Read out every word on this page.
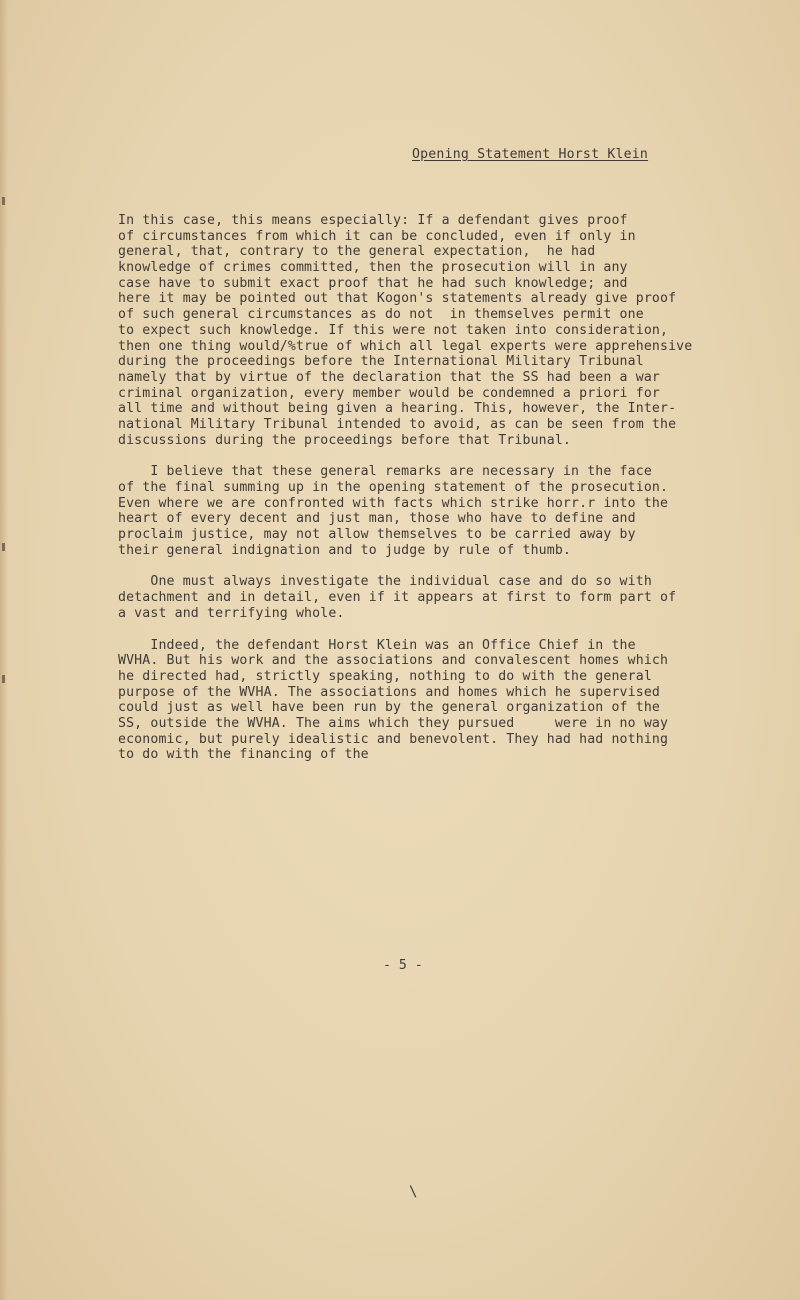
Opening Statement Horst Klein
In this case, this means especially: If a defendant gives proof
of circumstances from which it can be concluded, even if only in
general, that, contrary to the general expectation,  he had
knowledge of crimes committed, then the prosecution will in any
case have to submit exact proof that he had such knowledge; and
here it may be pointed out that Kogon's statements already give proof
of such general circumstances as do not  in themselves permit one
to expect such knowledge. If this were not taken into consideration,
then one thing would/%true of which all legal experts were apprehensive
during the proceedings before the International Military Tribunal
namely that by virtue of the declaration that the SS had been a war
criminal organization, every member would be condemned a priori for
all time and without being given a hearing. This, however, the Inter-
national Military Tribunal intended to avoid, as can be seen from the
discussions during the proceedings before that Tribunal.
I believe that these general remarks are necessary in the face
of the final summing up in the opening statement of the prosecution.
Even where we are confronted with facts which strike horr.r into the
heart of every decent and just man, those who have to define and
proclaim justice, may not allow themselves to be carried away by
their general indignation and to judge by rule of thumb.
One must always investigate the individual case and do so with
detachment and in detail, even if it appears at first to form part of
a vast and terrifying whole.
Indeed, the defendant Horst Klein was an Office Chief in the
WVHA. But his work and the associations and convalescent homes which
he directed had, strictly speaking, nothing to do with the general
purpose of the WVHA. The associations and homes which he supervised
could just as well have been run by the general organization of the
SS, outside the WVHA. The aims which they pursued     were in no way
economic, but purely idealistic and benevolent. They had had nothing
to do with the financing of the
- 5 -
\
